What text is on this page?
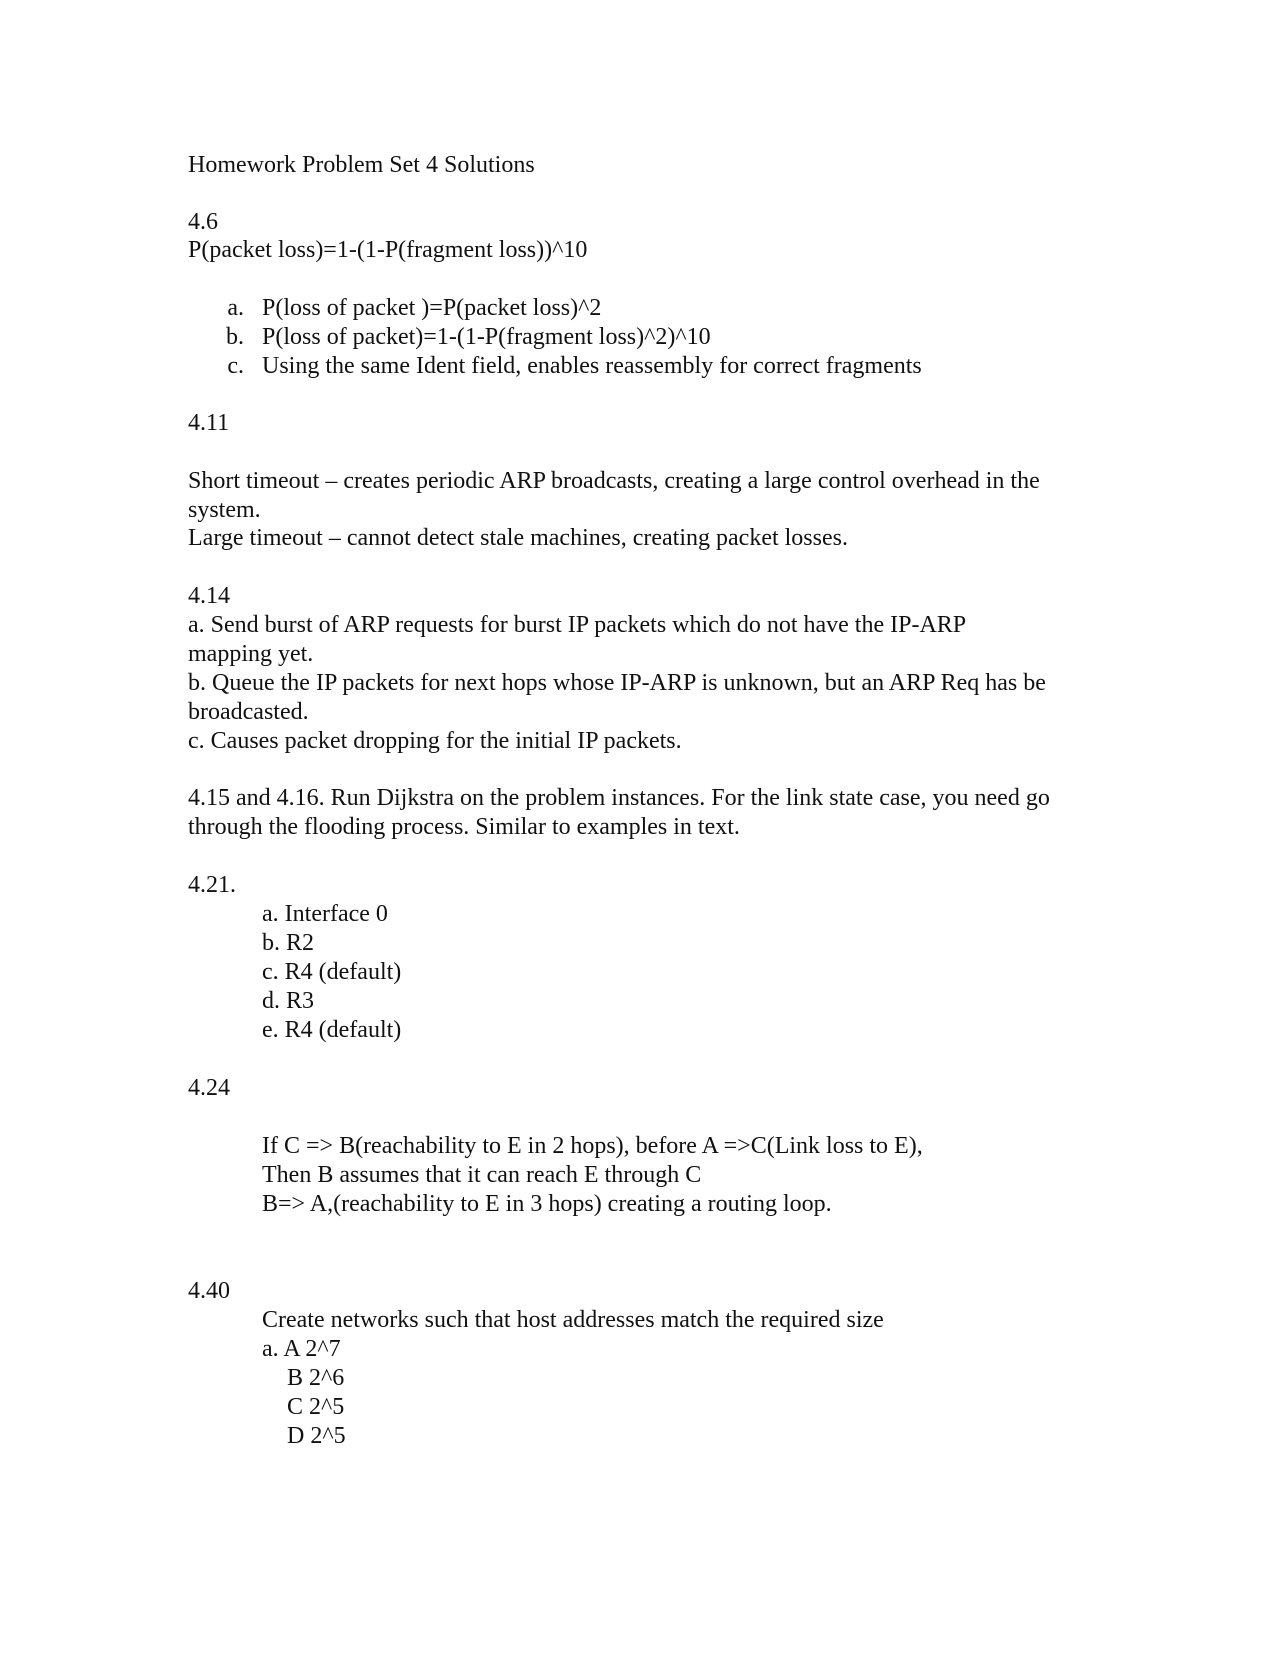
Homework Problem Set 4 Solutions

4.6

P(packet loss)=1-(1-P(fragment loss))^10

a. P(loss of packet )=P(packet loss)^2
b. P(loss of packet)=1-(1-P(fragment loss)^2)^10
c. Using the same Ident field, enables reassembly for correct fragments

4.11

Short timeout – creates periodic ARP broadcasts, creating a large control overhead in the

system.

Large timeout – cannot detect stale machines, creating packet losses.

4.14

a. Send burst of ARP requests for burst IP packets which do not have the IP-ARP

mapping yet.

b. Queue the IP packets for next hops whose IP-ARP is unknown, but an ARP Req has be

broadcasted.

c. Causes packet dropping for the initial IP packets.

4.15 and 4.16. Run Dijkstra on the problem instances. For the link state case, you need go

through the flooding process. Similar to examples in text.

4.21.

a. Interface 0

b. R2

c. R4 (default)

d. R3

e. R4 (default)

4.24

If C => B(reachability to E in 2 hops), before A =>C(Link loss to E),

Then B assumes that it can reach E through C

B=> A,(reachability to E in 3 hops) creating a routing loop.

4.40

Create networks such that host addresses match the required size

a. A 2^7

B 2^6

C 2^5

D 2^5
